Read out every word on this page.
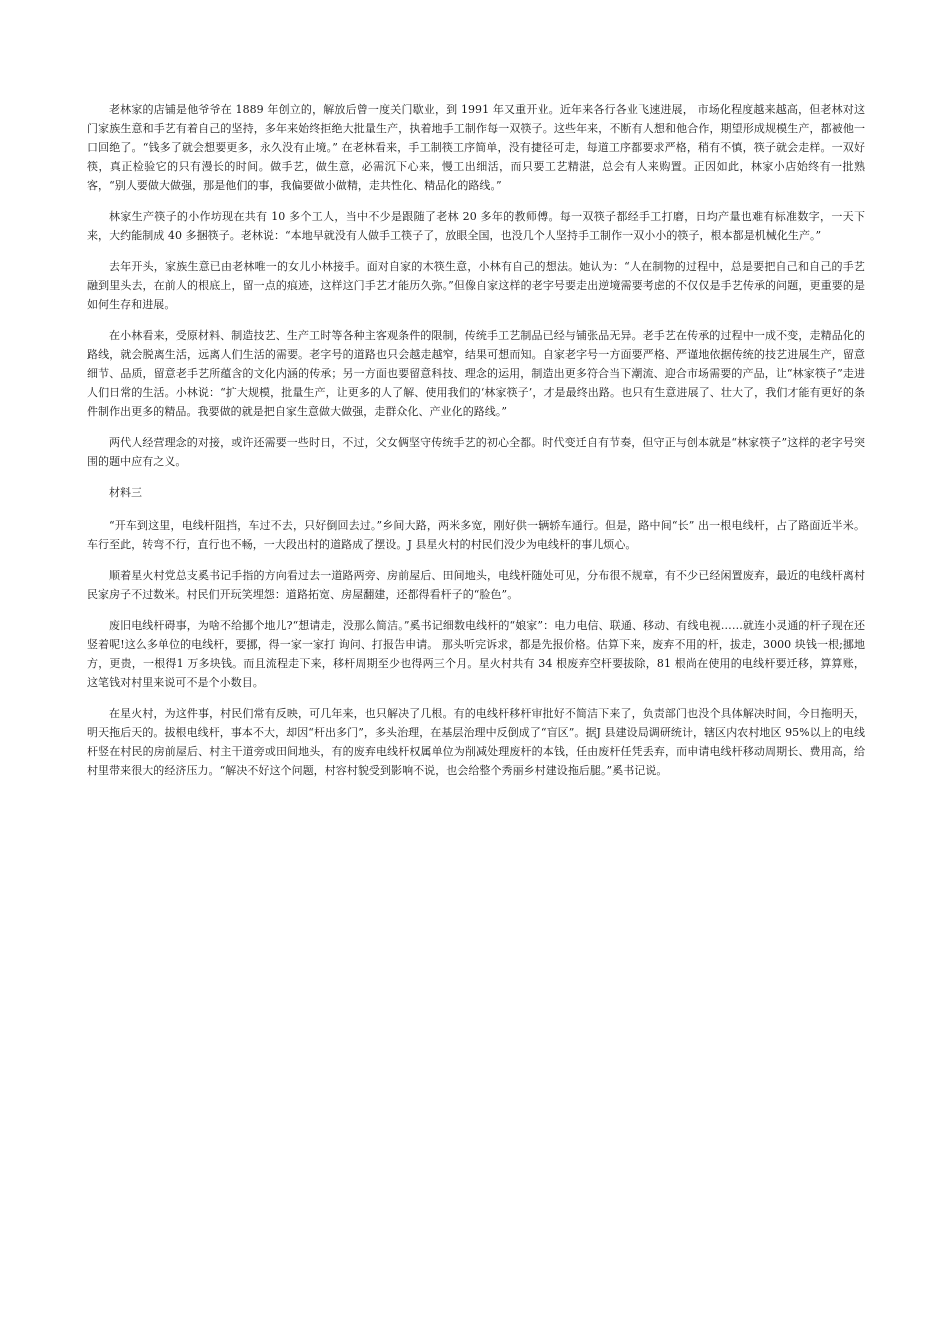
老林家的店铺是他爷爷在 1889 年创立的，解放后曾一度关门歇业，到 1991 年又重开业。近年来各行各业飞速进展， 市场化程度越来越高，但老林对这门家族生意和手艺有着自己的坚持，多年来始终拒绝大批量生产，执着地手工制作每一双筷子。这些年来，不断有人想和他合作，期望形成规模生产，都被他一口回绝了。“钱多了就会想要更多，永久没有止境。” 在老林看来，手工制筷工序简单，没有捷径可走，每道工序都要求严格，稍有不慎，筷子就会走样。一双好筷，真正检验它的只有漫长的时间。做手艺，做生意，必需沉下心来，慢工出细活，而只要工艺精湛，总会有人来购置。正因如此，林家小店始终有一批熟客，“别人要做大做强，那是他们的事，我偏要做小做精，走共性化、精品化的路线。”

林家生产筷子的小作坊现在共有 10 多个工人，当中不少是跟随了老林 20 多年的教师傅。每一双筷子都经手工打磨，日均产量也难有标准数字，一天下来，大约能制成 40 多捆筷子。老林说：“本地早就没有人做手工筷子了，放眼全国，也没几个人坚持手工制作一双小小的筷子，根本都是机械化生产。”

去年开头，家族生意已由老林唯一的女儿小林接手。面对自家的木筷生意，小林有自己的想法。她认为：“人在制物的过程中，总是要把自己和自己的手艺融到里头去，在前人的根底上，留一点的痕迹，这样这门手艺才能历久弥。”但像自家这样的老字号要走出逆境需要考虑的不仅仅是手艺传承的问题，更重要的是如何生存和进展。

在小林看来，受原材料、制造技艺、生产工时等各种主客观条件的限制，传统手工艺制品已经与铺张品无异。老手艺在传承的过程中一成不变，走精品化的路线，就会脱离生活，远离人们生活的需要。老字号的道路也只会越走越窄，结果可想而知。自家老字号一方面要严格、严谨地依据传统的技艺进展生产，留意细节、品质，留意老手艺所蕴含的文化内涵的传承；另一方面也要留意科技、理念的运用，制造出更多符合当下潮流、迎合市场需要的产品，让“林家筷子”走进人们日常的生活。小林说：“扩大规模，批量生产，让更多的人了解、使用我们的‘林家筷子’，才是最终出路。也只有生意进展了、壮大了，我们才能有更好的条件制作出更多的精品。我要做的就是把自家生意做大做强，走群众化、产业化的路线。”

两代人经营理念的对接，或许还需要一些时日，不过，父女俩坚守传统手艺的初心全都。时代变迁自有节奏，但守正与创本就是“林家筷子”这样的老字号突围的题中应有之义。

材料三

“开车到这里，电线杆阻挡，车过不去，只好倒回去过。”乡间大路，两米多宽，刚好供一辆轿车通行。但是，路中间“长” 出一根电线杆，占了路面近半米。车行至此，转弯不行，直行也不畅，一大段出村的道路成了摆设。J 县星火村的村民们没少为电线杆的事儿烦心。

顺着星火村党总支奚书记手指的方向看过去一道路两旁、房前屋后、田间地头，电线杆随处可见，分布很不规章，有不少已经闲置废弃，最近的电线杆离村民家房子不过数米。村民们开玩笑埋怨：道路拓宽、房屋翻建，还都得看杆子的“脸色”。

废旧电线杆碍事，为啥不给挪个地儿?“想请走，没那么简洁。”奚书记细数电线杆的“娘家”：电力电信、联通、移动、有线电视……就连小灵通的杆子现在还竖着呢!这么多单位的电线杆，要挪，得一家一家打 询问、打报告申请。 那头听完诉求，都是先报价格。估算下来，废弃不用的杆，拔走，3000 块钱一根;挪地方，更贵，一根得1 万多块钱。而且流程走下来，移杆周期至少也得两三个月。星火村共有 34 根废弃空杆要拔除，81 根尚在使用的电线杆要迁移，算算账，这笔钱对村里来说可不是个小数目。

在星火村，为这件事，村民们常有反映，可几年来，也只解决了几根。有的电线杆移杆审批好不简洁下来了，负责部门也没个具体解决时间，今日拖明天，明天拖后天的。拔根电线杆，事本不大，却因“杆出多门”，多头治理，在基层治理中反倒成了“盲区”。据J 县建设局调研统计，辖区内农村地区 95%以上的电线杆竖在村民的房前屋后、村主干道旁或田间地头，有的废弃电线杆权属单位为削减处理废杆的本钱，任由废杆任凭丢弃，而申请电线杆移动周期长、费用高，给村里带来很大的经济压力。“解决不好这个问题，村容村貌受到影响不说，也会给整个秀丽乡村建设拖后腿。”奚书记说。
